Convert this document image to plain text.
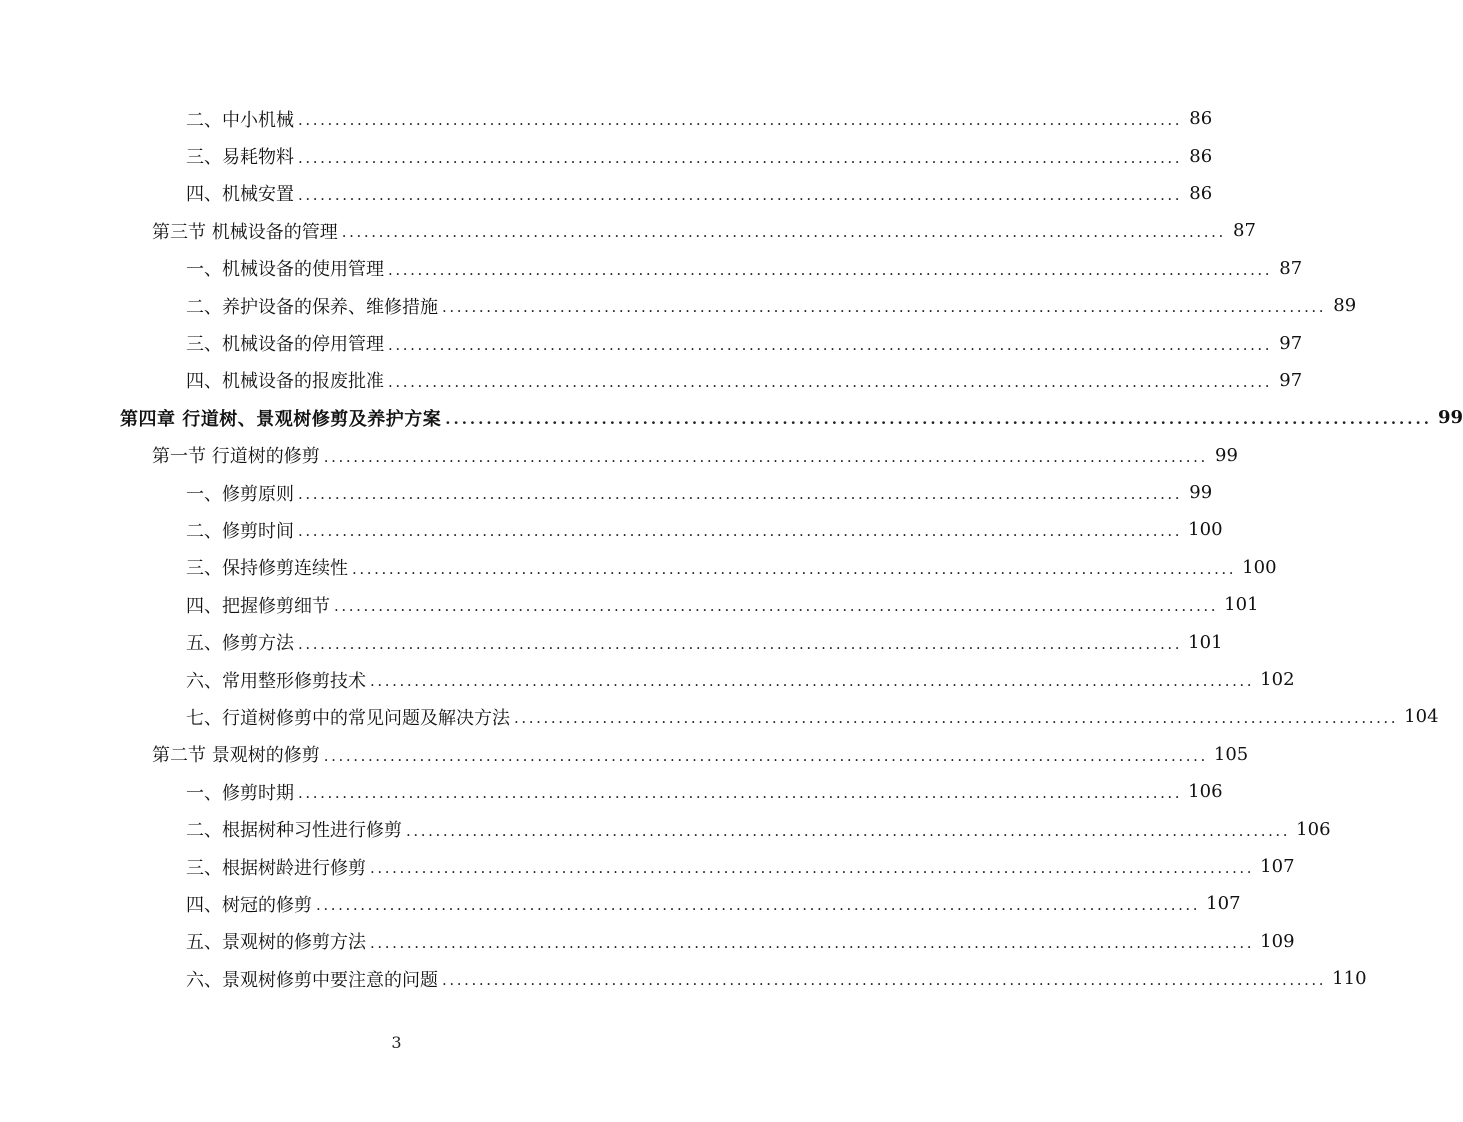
二、中小机械 ........................................................................................................................ 86
三、易耗物料 ........................................................................................................................ 86
四、机械安置 ........................................................................................................................ 86
第三节 机械设备的管理 ........................................................................................................................ 87
一、机械设备的使用管理 ........................................................................................................................ 87
二、养护设备的保养、维修措施 ........................................................................................................................ 89
三、机械设备的停用管理 ........................................................................................................................ 97
四、机械设备的报废批准 ........................................................................................................................ 97
第四章 行道树、景观树修剪及养护方案 ........................................................................................................................ 99
第一节 行道树的修剪 ........................................................................................................................ 99
一、修剪原则 ........................................................................................................................ 99
二、修剪时间 ........................................................................................................................ 100
三、保持修剪连续性 ........................................................................................................................ 100
四、把握修剪细节 ........................................................................................................................ 101
五、修剪方法 ........................................................................................................................ 101
六、常用整形修剪技术 ........................................................................................................................ 102
七、行道树修剪中的常见问题及解决方法 ........................................................................................................................ 104
第二节 景观树的修剪 ........................................................................................................................ 105
一、修剪时期 ........................................................................................................................ 106
二、根据树种习性进行修剪 ........................................................................................................................ 106
三、根据树龄进行修剪 ........................................................................................................................ 107
四、树冠的修剪 ........................................................................................................................ 107
五、景观树的修剪方法 ........................................................................................................................ 109
六、景观树修剪中要注意的问题 ........................................................................................................................ 110
3
